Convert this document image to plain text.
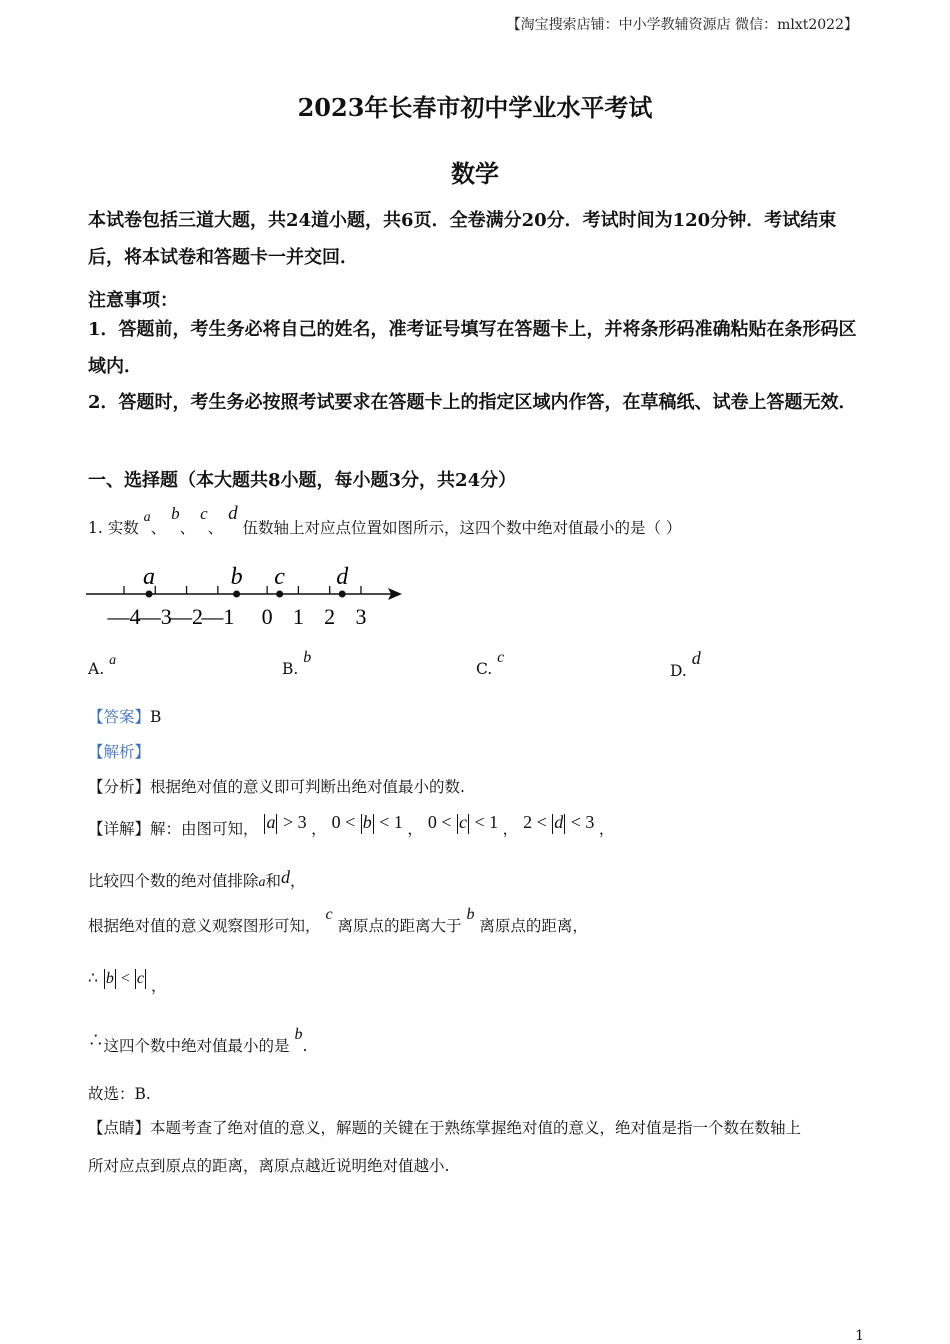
【淘宝搜索店铺：中小学教辅资源店 微信：mlxt2022】
2023年长春市初中学业水平考试
数学
本试卷包括三道大题，共24道小题，共6页．全卷满分20分．考试时间为120分钟．考试结束后，将本试卷和答题卡一并交回．
注意事项：
1．答题前，考生务必将自己的姓名，准考证号填写在答题卡上，并将条形码准确粘贴在条形码区域内．
2．答题时，考生务必按照考试要求在答题卡上的指定区域内作答，在草稿纸、试卷上答题无效．
一、选择题（本大题共8小题，每小题3分，共24分）
1. 实数 a、 b、 c、 d 伍数轴上对应点位置如图所示，这四个数中绝对值最小的是（ ）
—4
—3
—2
—1 0 1 2 3
a	b c d
A. a	B. b
C. c
D. d
【答案】B
【解析】
【分析】根据绝对值的意义即可判断出绝对值最小的数.
【详解】解：由图可知， a > 3 ， 0 < b < 1 ， 0 < c < 1 ， 2 < d < 3 ，
比较四个数的绝对值排除a和d，
根据绝对值的意义观察图形可知， c 离原点的距离大于 b 离原点的距离，
∴ b < c ，
∴这四个数中绝对值最小的是 b.
故选：B.
【点睛】本题考查了绝对值的意义，解题的关键在于熟练掌握绝对值的意义，绝对值是指一个数在数轴上
所对应点到原点的距离，离原点越近说明绝对值越小.
1
